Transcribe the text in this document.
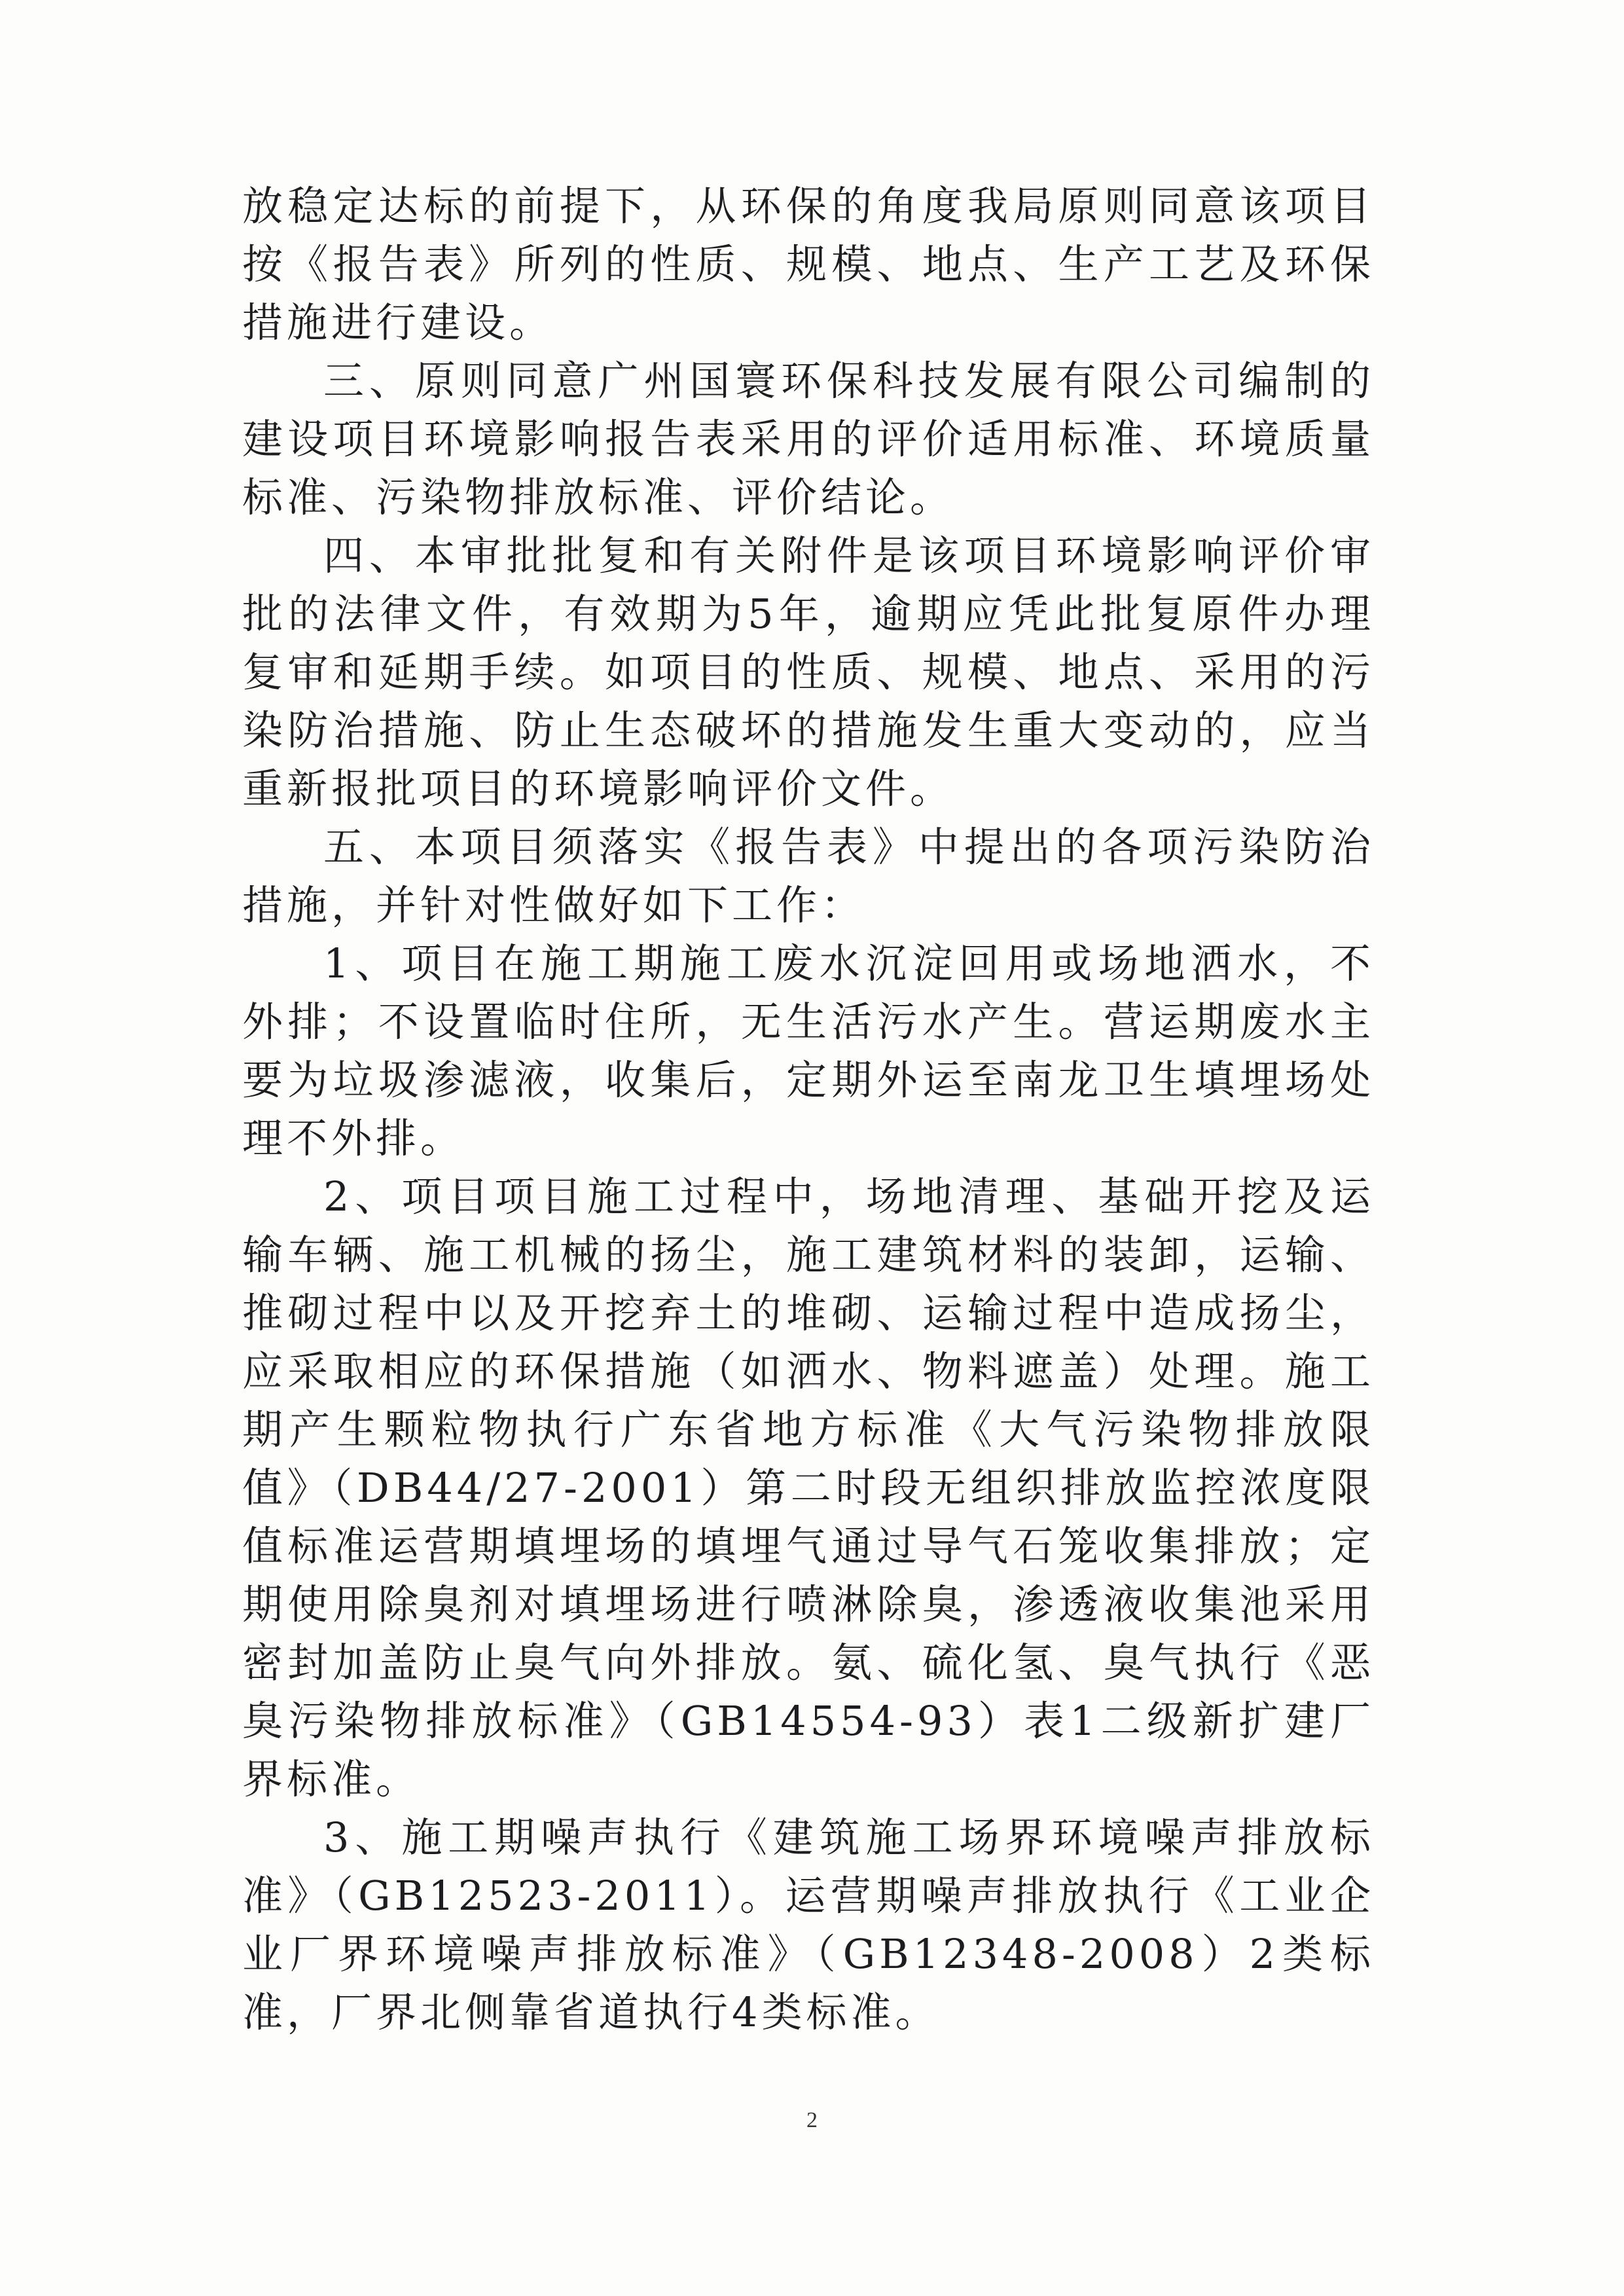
放稳定达标的前提下，从环保的角度我局原则同意该项目按《报告表》所列的性质、规模、地点、生产工艺及环保措施进行建设。

三、原则同意广州国寰环保科技发展有限公司编制的建设项目环境影响报告表采用的评价适用标准、环境质量标准、污染物排放标准、评价结论。

四、本审批批复和有关附件是该项目环境影响评价审批的法律文件，有效期为5年，逾期应凭此批复原件办理复审和延期手续。如项目的性质、规模、地点、采用的污染防治措施、防止生态破坏的措施发生重大变动的，应当重新报批项目的环境影响评价文件。

五、本项目须落实《报告表》中提出的各项污染防治措施，并针对性做好如下工作：

1、项目在施工期施工废水沉淀回用或场地洒水，不外排；不设置临时住所，无生活污水产生。营运期废水主要为垃圾渗滤液，收集后，定期外运至南龙卫生填埋场处理不外排。

2、项目项目施工过程中，场地清理、基础开挖及运输车辆、施工机械的扬尘，施工建筑材料的装卸，运输、推砌过程中以及开挖弃土的堆砌、运输过程中造成扬尘，应采取相应的环保措施（如洒水、物料遮盖）处理。施工期产生颗粒物执行广东省地方标准《大气污染物排放限值》（DB44/27-2001）第二时段无组织排放监控浓度限值标准运营期填埋场的填埋气通过导气石笼收集排放；定期使用除臭剂对填埋场进行喷淋除臭，渗透液收集池采用密封加盖防止臭气向外排放。氨、硫化氢、臭气执行《恶臭污染物排放标准》（GB14554-93）表1二级新扩建厂界标准。

3、施工期噪声执行《建筑施工场界环境噪声排放标准》（GB12523-2011）。运营期噪声排放执行《工业企业厂界环境噪声排放标准》（GB12348-2008）2类标准，厂界北侧靠省道执行4类标准。

2
